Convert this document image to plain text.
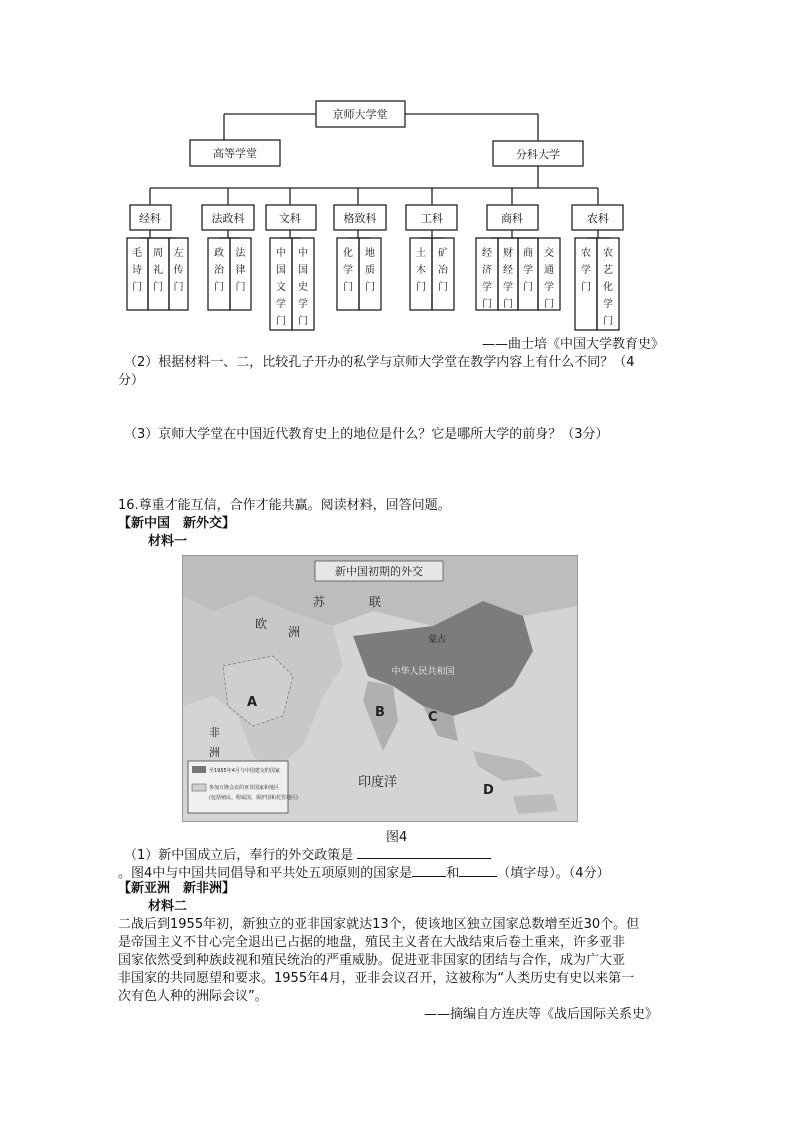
京师大学堂
高等学堂	分科大学
经科	法政科	文科	格致科	工科	商科	农科
毛诗门
周礼门
左传门
政治门
法律门
中国文学门
中国史学门
化学门
地质门
土木门
矿冶门
经济学门
财经学门
商学门
交通学门
农学门
农艺化学门
——曲士培《中国大学教育史》
（2）根据材料一、二，比较孔子开办的私学与京师大学堂在教学内容上有什么不同？（4
分）
（3）京师大学堂在中国近代教育史上的地位是什么？它是哪所大学的前身？（3分）
16.尊重才能互信，合作才能共赢。阅读材料，回答问题。
【新中国　新外交】
材料一
新中国初期的外交
苏	联
欧
洲
蒙古
中华人民共和国
印度洋
A
B	C
D
非
洲
至1955年4月与中国建交的国家
参加万隆会议的亚非国家和地区
(包括殖民、附属国、保护国和托管地区)
图4
（1）新中国成立后，奉行的外交政策是
。图4中与中国共同倡导和平共处五项原则的国家是	和	（填字母）。（4分）
【新亚洲　新非洲】
材料二
二战后到1955年初，新独立的亚非国家就达13个，使该地区独立国家总数增至近30个。但
是帝国主义不甘心完全退出已占据的地盘，殖民主义者在大战结束后卷土重来，许多亚非
国家依然受到种族歧视和殖民统治的严重威胁。促进亚非国家的团结与合作，成为广大亚
非国家的共同愿望和要求。1955年4月，亚非会议召开，这被称为“人类历史有史以来第一
次有色人种的洲际会议”。
——摘编自方连庆等《战后国际关系史》
